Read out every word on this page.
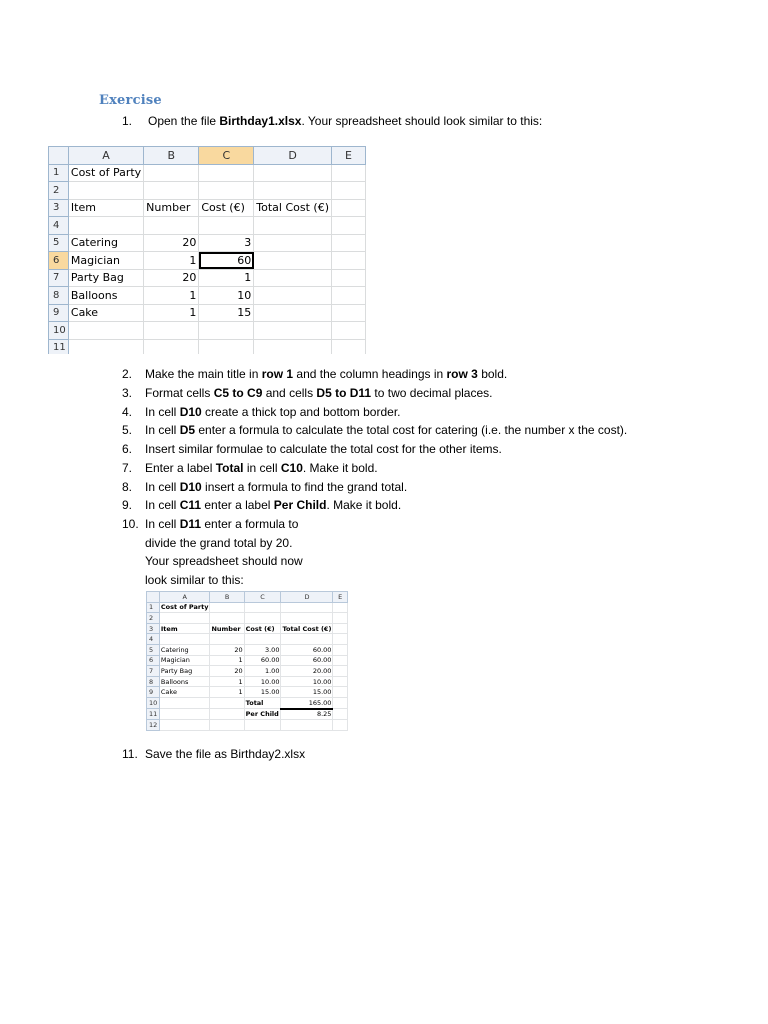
Exercise
1. Open the file Birthday1.xlsx. Your spreadsheet should look similar to this:
	A	B	C	D	E
1	Cost of Party				
2					
3	Item	Number	Cost (€)	Total Cost (€)	
4					
5	Catering	20	3		
6	Magician	1	60		
7	Party Bag	20	1		
8	Balloons	1	10		
9	Cake	1	15		
10					
11					
2. Make the main title in row 1 and the column headings in row 3 bold.
3. Format cells C5 to C9 and cells D5 to D11 to two decimal places.
4. In cell D10 create a thick top and bottom border.
5. In cell D5 enter a formula to calculate the total cost for catering (i.e. the number x the cost).
6. Insert similar formulae to calculate the total cost for the other items.
7. Enter a label Total in cell C10. Make it bold.
8. In cell D10 insert a formula to find the grand total.
9. In cell C11 enter a label Per Child. Make it bold.
10. In cell D11 enter a formula to
divide the grand total by 20.
Your spreadsheet should now
look similar to this:
	A	B	C	D	E
1	Cost of Party				
2					
3	Item	Number	Cost (€)	Total Cost (€)	
4					
5	Catering	20	3.00	60.00	
6	Magician	1	60.00	60.00	
7	Party Bag	20	1.00	20.00	
8	Balloons	1	10.00	10.00	
9	Cake	1	15.00	15.00	
10			Total	165.00	
11			Per Child	8.25	
12					
11. Save the file as Birthday2.xlsx
